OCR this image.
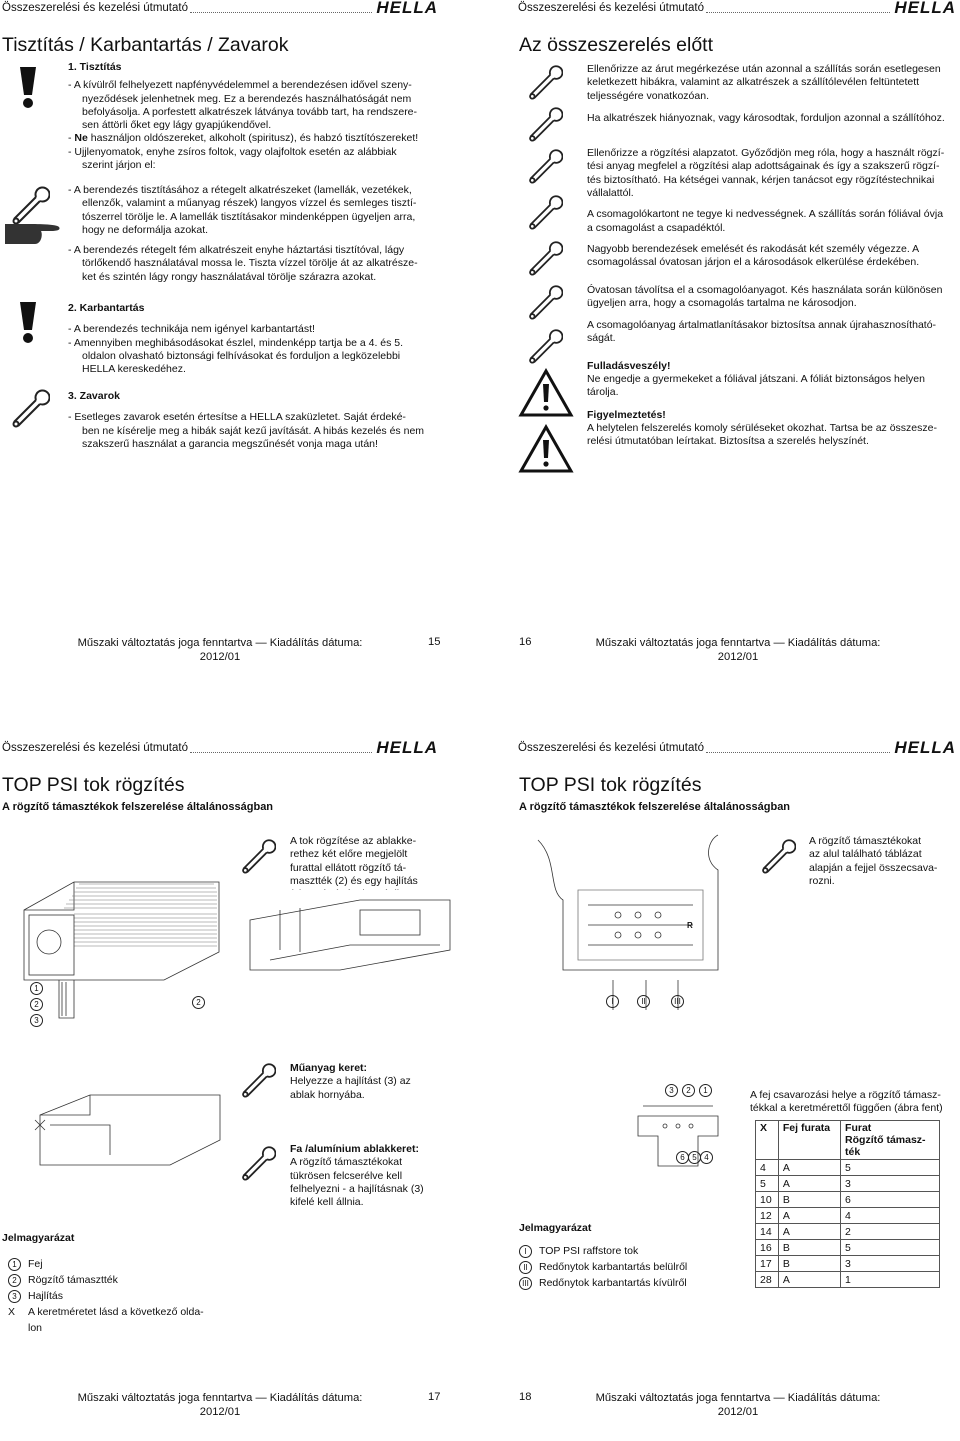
Összeszerelési és kezelési útmutató	HELLA
Tisztítás / Karbantartás / Zavarok
1. Tisztítás
- A kívülről felhelyezett napfényvédelemmel a berendezésen idővel szeny-
nyeződések jelenhetnek meg. Ez a berendezés használhatóságát nem
befolyásolja. A porfestett alkatrészek látványa tovább tart, ha rendszere-
sen áttörli őket egy lágy gyapjúkendővel.
- Ne használjon oldószereket, alkoholt (spiritusz), és habzó tisztítószereket!
- Ujjlenyomatok, enyhe zsíros foltok, vagy olajfoltok esetén az alábbiak
szerint járjon el:
- A berendezés tisztításához a rétegelt alkatrészeket (lamellák, vezetékek,
ellenzők, valamint a műanyag részek) langyos vízzel és semleges tisztí-
tószerrel törölje le. A lamellák tisztításakor mindenképpen ügyeljen arra,
hogy ne deformálja azokat.
- A berendezés rétegelt fém alkatrészeit enyhe háztartási tisztítóval, lágy
törlőkendő használatával mossa le. Tiszta vízzel törölje át az alkatrésze-
ket és szintén lágy rongy használatával törölje szárazra azokat.
2. Karbantartás
- A berendezés technikája nem igényel karbantartást!
- Amennyiben meghibásodásokat észlel, mindenképp tartja be a 4. és 5.
oldalon olvasható biztonsági felhívásokat és forduljon a legközelebbi
HELLA kereskedéhez.
3. Zavarok
- Esetleges zavarok esetén értesítse a HELLA szaküzletet. Saját érdeké-
ben ne kísérelje meg a hibák saját kezű javítását. A hibás kezelés és nem
szakszerű használat a garancia megszűnését vonja maga után!
Műszaki változtatás joga fenntartva — Kiadálítás dátuma:
2012/01
15
Összeszerelési és kezelési útmutató	HELLA
Az összeszerelés előtt
Ellenőrizze az árut megérkezése után azonnal a szállítás során esetlegesen
keletkezett hibákra, valamint az alkatrészek a szállítólevélen feltüntetett
teljességére vonatkozóan.
Ha alkatrészek hiányoznak, vagy károsodtak, forduljon azonnal a szállítóhoz.
Ellenőrizze a rögzítési alapzatot. Győződjön meg róla, hogy a használt rögzí-
tési anyag megfelel a rögzítési alap adottságainak és így a szakszerű rögzí-
tés biztosítható. Ha kétségei vannak, kérjen tanácsot egy rögzítéstechnikai
vállalattól.
A csomagolókartont ne tegye ki nedvességnek. A szállítás során fóliával óvja
a csomagolást a csapadéktól.
Nagyobb berendezések emelését és rakodását két személy végezze. A
csomagolással óvatosan járjon el a károsodások elkerülése érdekében.
Óvatosan távolítsa el a csomagolóanyagot. Kés használata során különösen
ügyeljen arra, hogy a csomagolás tartalma ne károsodjon.
A csomagolóanyag ártalmatlanításakor biztosítsa annak újrahasznosítható-
ságát.
Fulladásveszély!
Ne engedje a gyermekeket a fóliával játszani. A fóliát biztonságos helyen
tárolja.
Figyelmeztetés!
A helytelen felszerelés komoly sérüléseket okozhat. Tartsa be az összesze-
relési útmutatóban leírtakat. Biztosítsa a szerelés helyszínét.
16	Műszaki változtatás joga fenntartva — Kiadálítás dátuma:
2012/01
Összeszerelési és kezelési útmutató	HELLA
TOP PSI tok rögzítés
A rögzítő támasztékok felszerelése általánosságban
A tok rögzítése az ablakke-
rethez két előre megjelölt
furattal ellátott rögzítő tá-
masztték (2) és egy hajlítás
(3) segítségével történik.
1
2
3
2
Műanyag keret:
Helyezze a hajlítást (3) az
ablak hornyába.
Fa /alumínium ablakkeret:
A rögzítő támasztékokat
tükrösen felcserélve kell
felhelyezni - a hajlításnak (3)
kifelé kell állnia.
Jelmagyarázat
1 Fej
2 Rögzítő támasztték
3 Hajlítás
X A keretméretet lásd a következő olda-
lon
Műszaki változtatás joga fenntartva — Kiadálítás dátuma:
2012/01
17
Összeszerelési és kezelési útmutató	HELLA
TOP PSI tok rögzítés
A rögzítő támasztékok felszerelése általánosságban
R
I	II	III
A rögzítő támasztékokat
az alul található táblázat
alapján a fejjel összecsava-
rozni.
3	2	1
6 5 4
A fej csavarozási helye a rögzítő támasz-
tékkal a keretmérettől függően (ábra fent)
X	Fej furata	Furat
Rögzítő támasz-
ték

4	A	5
5	A	3
10	B	6
12	A	4
14	A	2
16	B	5
17	B	3
28	A	1
Jelmagyarázat
I TOP PSI raffstore tok
II Redőnytok karbantartás belülről
III Redőnytok karbantartás kívülről
18	Műszaki változtatás joga fenntartva — Kiadálítás dátuma:
2012/01
